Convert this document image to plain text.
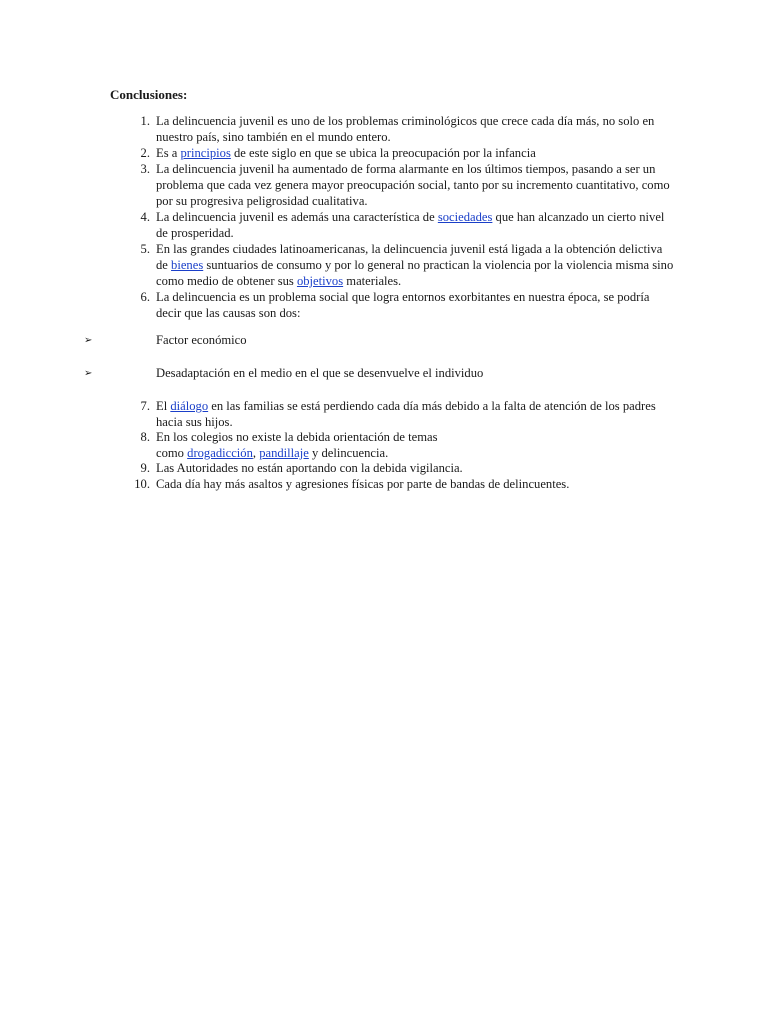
Conclusiones:
1. La delincuencia juvenil es uno de los problemas criminológicos que crece cada día más, no solo en nuestro país, sino también en el mundo entero.
2. Es a principios de este siglo en que se ubica la preocupación por la infancia
3. La delincuencia juvenil ha aumentado de forma alarmante en los últimos tiempos, pasando a ser un problema que cada vez genera mayor preocupación social, tanto por su incremento cuantitativo, como por su progresiva peligrosidad cualitativa.
4. La delincuencia juvenil es además una característica de sociedades que han alcanzado un cierto nivel de prosperidad.
5. En las grandes ciudades latinoamericanas, la delincuencia juvenil está ligada a la obtención delictiva de bienes suntuarios de consumo y por lo general no practican la violencia por la violencia misma sino como medio de obtener sus objetivos materiales.
6. La delincuencia es un problema social que logra entornos exorbitantes en nuestra época, se podría decir que las causas son dos:
➢	Factor económico
➢	Desadaptación en el medio en el que se desenvuelve el individuo
7. El diálogo en las familias se está perdiendo cada día más debido a la falta de atención de los padres hacia sus hijos.
8. En los colegios no existe la debida orientación de temas
como drogadicción, pandillaje y delincuencia.
9. Las Autoridades no están aportando con la debida vigilancia.
10. Cada día hay más asaltos y agresiones físicas por parte de bandas de delincuentes.
